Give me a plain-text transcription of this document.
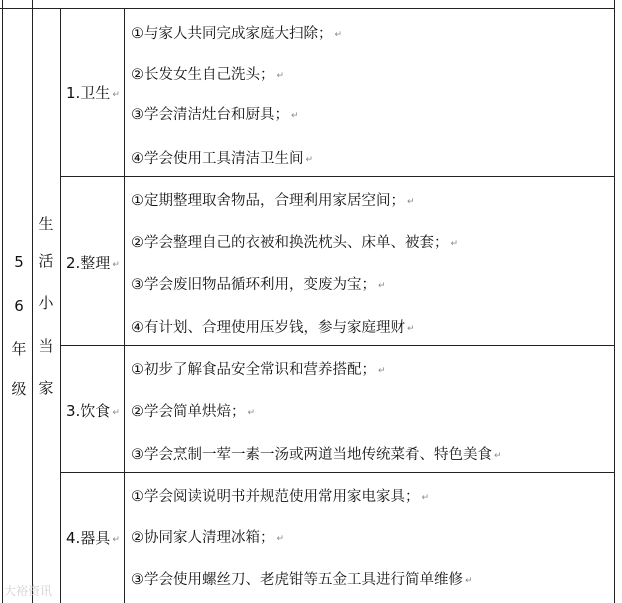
5
6
年
级
生
活
小
当
家
1.卫生 ↵
2.整理 ↵
3.饮食 ↵
4.器具 ↵
①与家人共同完成家庭大扫除； ↵
②长发女生自己洗头； ↵
③学会清洁灶台和厨具； ↵
④学会使用工具清洁卫生间 ↵
①定期整理取舍物品，合理利用家居空间； ↵
②学会整理自己的衣被和换洗枕头、床单、被套； ↵
③学会废旧物品循环利用，变废为宝； ↵
④有计划、合理使用压岁钱，参与家庭理财 ↵
①初步了解食品安全常识和营养搭配； ↵
②学会简单烘焙； ↵
③学会烹制一荤一素一汤或两道当地传统菜肴、特色美食 ↵
①学会阅读说明书并规范使用常用家电家具； ↵
②协同家人清理冰箱； ↵
③学会使用螺丝刀、老虎钳等五金工具进行简单维修 ↵
大裕资讯
